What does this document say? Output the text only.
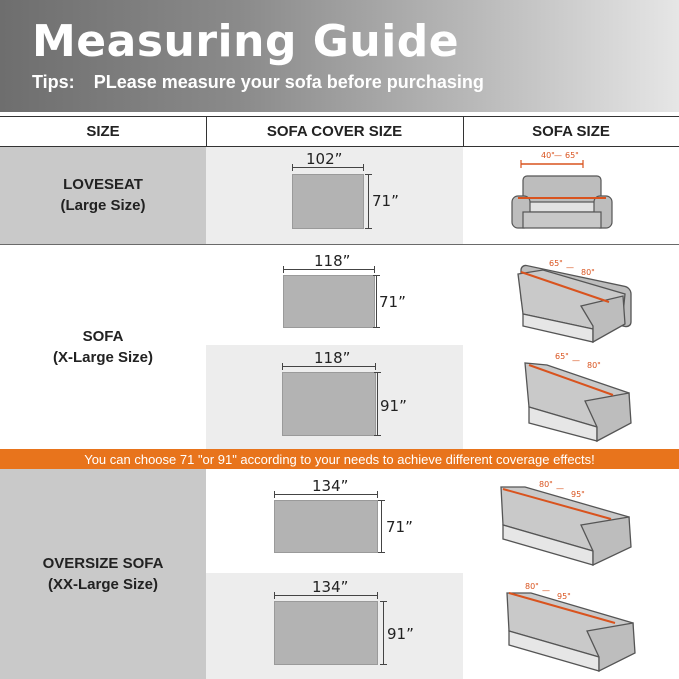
Measuring Guide
Tips: PLease measure your sofa before purchasing
SIZE	SOFA COVER SIZE	SOFA SIZE
LOVESEAT
(Large Size)
102”
71”
40" 65"
—
SOFA
(X-Large Size)
118”
71”
118”
91”
65" —
80"
65" —
80"
OVERSIZE SOFA
(XX-Large Size)
134”
71”
134”
91”
80" —
95"
80" —
95"
You can choose 71 "or 91" according to your needs to achieve different coverage effects!
